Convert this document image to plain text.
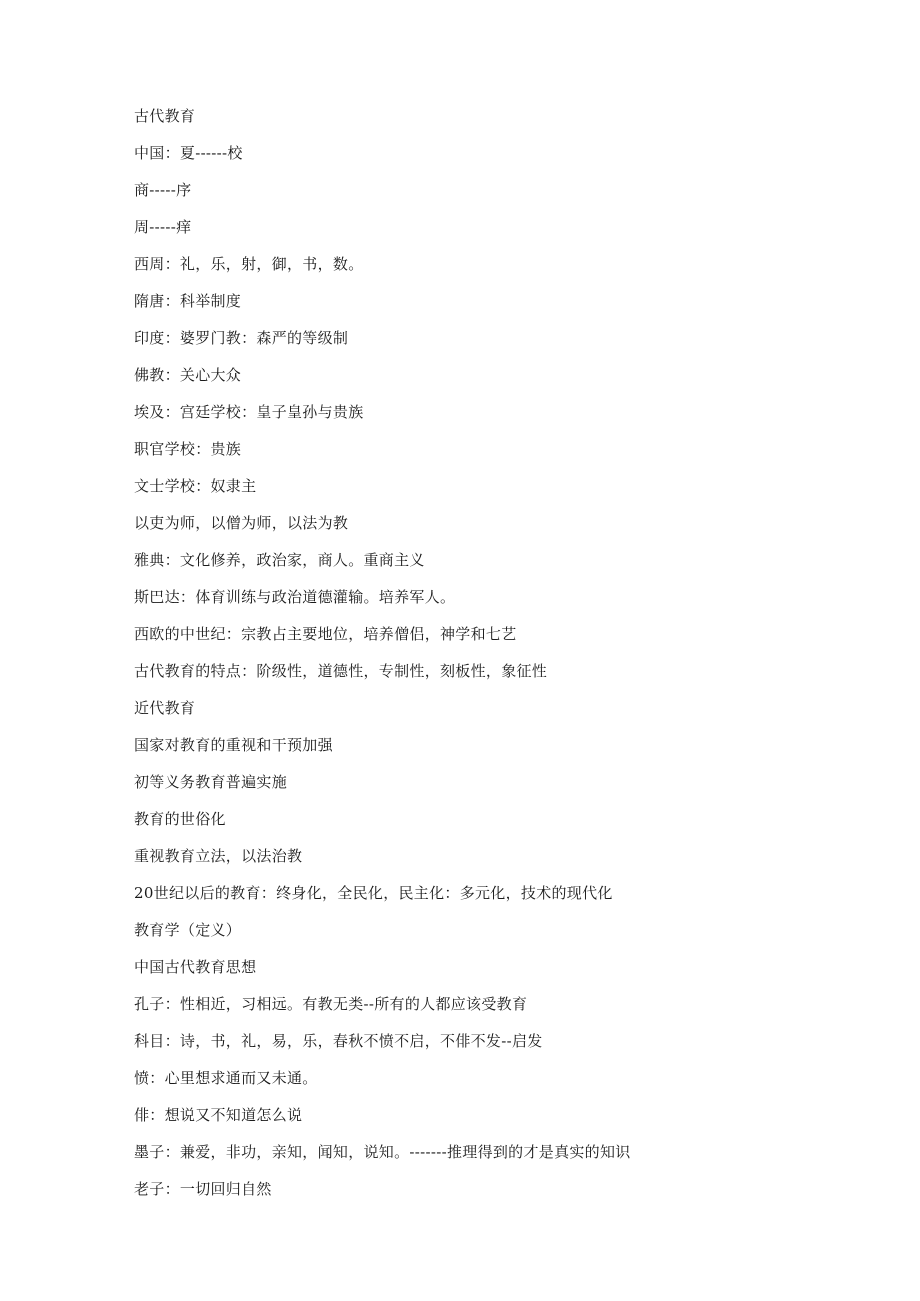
古代教育
中国：夏------校
商-----序
周-----痒
西周：礼，乐，射，御，书，数。
隋唐：科举制度
印度：婆罗门教：森严的等级制
佛教：关心大众
埃及：宫廷学校：皇子皇孙与贵族
职官学校：贵族
文士学校：奴隶主
以吏为师，以僧为师，以法为教
雅典：文化修养，政治家，商人。重商主义
斯巴达：体育训练与政治道德灌输。培养军人。
西欧的中世纪：宗教占主要地位，培养僧侣，神学和七艺
古代教育的特点：阶级性，道德性，专制性，刻板性，象征性
近代教育
国家对教育的重视和干预加强
初等义务教育普遍实施
教育的世俗化
重视教育立法，以法治教
20世纪以后的教育：终身化，全民化，民主化：多元化，技术的现代化
教育学（定义）
中国古代教育思想
孔子：性相近，习相远。有教无类--所有的人都应该受教育
科目：诗，书，礼，易，乐，春秋不愤不启，不俳不发--启发
愤：心里想求通而又未通。
俳：想说又不知道怎么说
墨子：兼爱，非功，亲知，闻知，说知。-------推理得到的才是真实的知识
老子：一切回归自然
